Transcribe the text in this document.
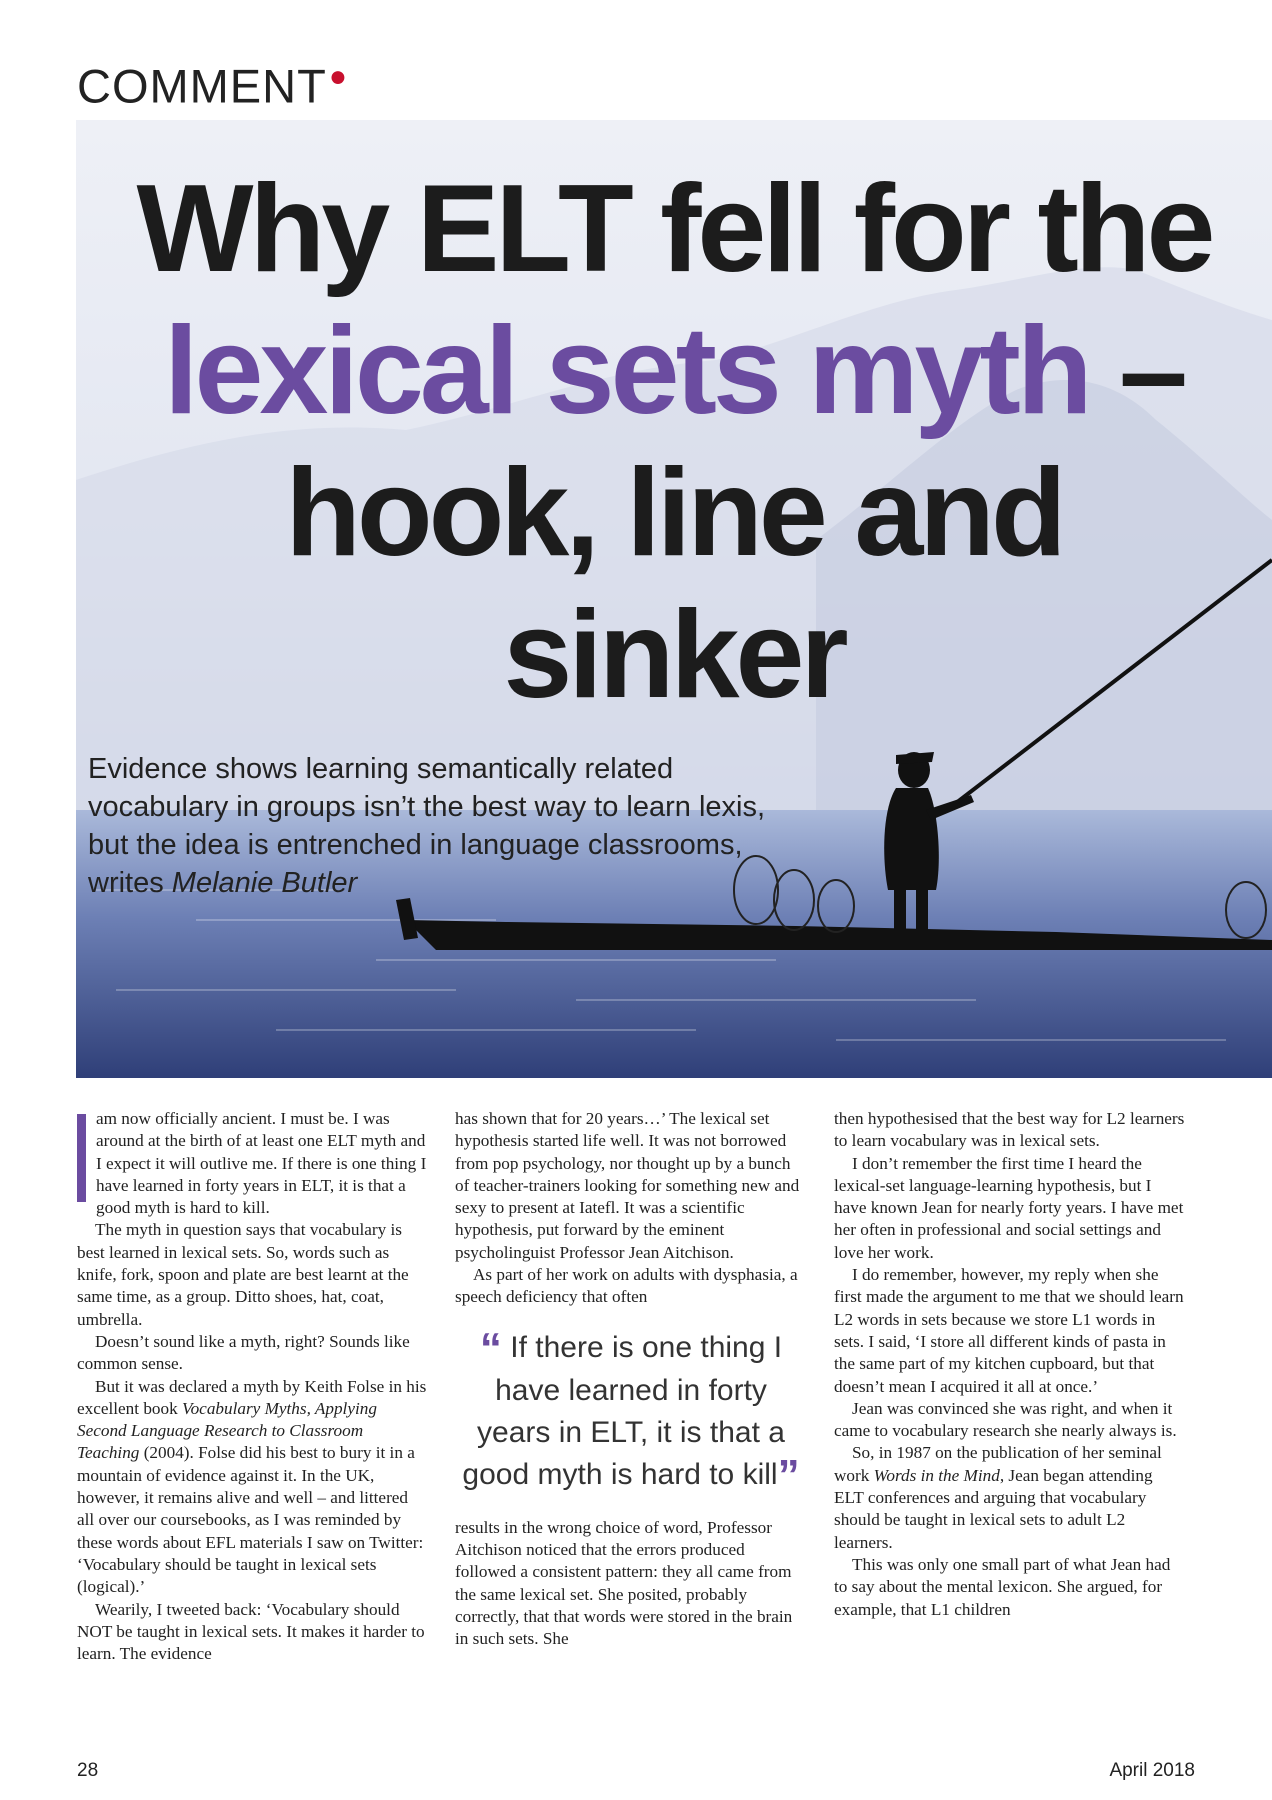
COMMENT●
Why ELT fell for the
lexical sets myth –
hook, line and
sinker
Evidence shows learning semantically related vocabulary in groups isn’t the best way to learn lexis, but the idea is entrenched in language classrooms, writes Melanie Butler

am now officially ancient. I must be. I was around at the birth of at least one ELT myth and I expect it will outlive me. If there is one thing I have learned in forty years in ELT, it is that a good myth is hard to kill.

The myth in question says that vocabulary is best learned in lexical sets. So, words such as knife, fork, spoon and plate are best learnt at the same time, as a group. Ditto shoes, hat, coat, umbrella.

Doesn’t sound like a myth, right? Sounds like common sense.

But it was declared a myth by Keith Folse in his excellent book Vocabulary Myths, Applying Second Language Research to Classroom Teaching (2004). Folse did his best to bury it in a mountain of evidence against it. In the UK, however, it remains alive and well – and littered all over our coursebooks, as I was reminded by these words about EFL materials I saw on Twitter: ‘Vocabulary should be taught in lexical sets (logical).’

Wearily, I tweeted back: ‘Vocabulary should NOT be taught in lexical sets. It makes it harder to learn. The evidence

has shown that for 20 years…’ The lexical set hypothesis started life well. It was not borrowed from pop psychology, nor thought up by a bunch of teacher-trainers looking for something new and sexy to present at Iatefl. It was a scientific hypothesis, put forward by the eminent psycholinguist Professor Jean Aitchison.

As part of her work on adults with dysphasia, a speech deficiency that often

“ If there is one thing I have learned in forty years in ELT, it is that a good myth is hard to kill”

results in the wrong choice of word, Professor Aitchison noticed that the errors produced followed a consistent pattern: they all came from the same lexical set. She posited, probably correctly, that that words were stored in the brain in such sets. She

then hypothesised that the best way for L2 learners to learn vocabulary was in lexical sets.

I don’t remember the first time I heard the lexical-set language-learning hypothesis, but I have known Jean for nearly forty years. I have met her often in professional and social settings and love her work.

I do remember, however, my reply when she first made the argument to me that we should learn L2 words in sets because we store L1 words in sets. I said, ‘I store all different kinds of pasta in the same part of my kitchen cupboard, but that doesn’t mean I acquired it all at once.’

Jean was convinced she was right, and when it came to vocabulary research she nearly always is.

So, in 1987 on the publication of her seminal work Words in the Mind, Jean began attending ELT conferences and arguing that vocabulary should be taught in lexical sets to adult L2 learners.

This was only one small part of what Jean had to say about the mental lexicon. She argued, for example, that L1 children

28	April 2018
